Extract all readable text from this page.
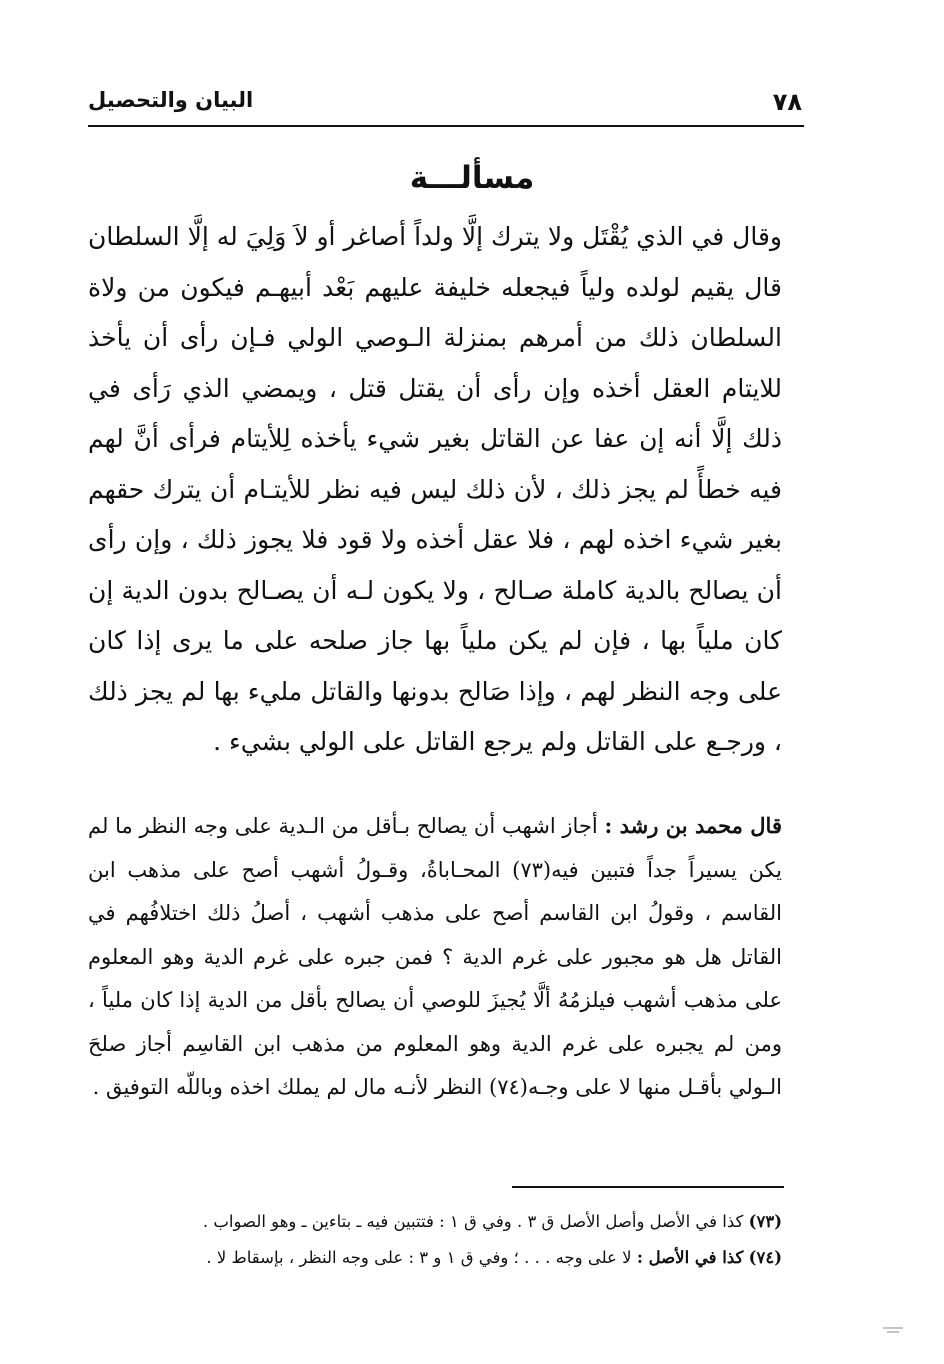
٧٨
البيان والتحصيل
مسألـــة

وقال في الذي يُقْتَل ولا يترك إلَّا ولداً أصاغر أو لاَ وَلِيَ له إلَّا السلطان قال يقيم لولده ولياً فيجعله خليفة عليهم بَعْد أبيهـم فيكون من ولاة السلطان ذلك من أمرهم بمنزلة الـوصي الولي فـإن رأى أن يأخذ للايتام العقل أخذه وإن رأى أن يقتل قتل ، ويمضي الذي رَأى في ذلك إلَّا أنه إن عفا عن القاتل بغير شيء يأخذه لِلأيتام فرأى أنَّ لهم فيه خطأً لم يجز ذلك ، لأن ذلك ليس فيه نظر للأيتـام أن يترك حقهم بغير شيء اخذه لهم ، فلا عقل أخذه ولا قود فلا يجوز ذلك ، وإن رأى أن يصالح بالدية كاملة صـالح ، ولا يكون لـه أن يصـالح بدون الدية إن كان ملياً بها ، فإن لم يكن ملياً بها جاز صلحه على ما يرى إذا كان على وجه النظر لهم ، وإذا صَالح بدونها والقاتل مليء بها لم يجز ذلك ، ورجـع على القاتل ولم يرجع القاتل على الولي بشيء .

قال محمد بن رشد : أجاز اشهب أن يصالح بـأقل من الـدية على وجه النظر ما لم يكن يسيراً جداً فتبين فيه(٧٣) المحـاباةُ، وقـولُ أشهب أصح على مذهب ابن القاسم ، وقولُ ابن القاسم أصح على مذهب أشهب ، أصلُ ذلك اختلافُهم في القاتل هل هو مجبور على غرم الدية ؟ فمن جبره على غرم الدية وهو المعلوم على مذهب أشهب فيلزمُهُ ألَّا يُجيزَ للوصي أن يصالح بأقل من الدية إذا كان ملياً ، ومن لم يجبره على غرم الدية وهو المعلوم من مذهب ابن القاسِم أجاز صلحَ الـولي بأقـل منها لا على وجـه(٧٤) النظر لأنـه مال لم يملك اخذه وباللّه التوفيق .

(٧٣) كذا في الأصل وأصل الأصل ق ٣ . وفي ق ١ : فتتبين فيه ـ بتاءين ـ وهو الصواب .
(٧٤) كذا في الأصل : لا على وجه . . . ؛ وفي ق ١ و ٣ : على وجه النظر ، بإسقاط لا .
